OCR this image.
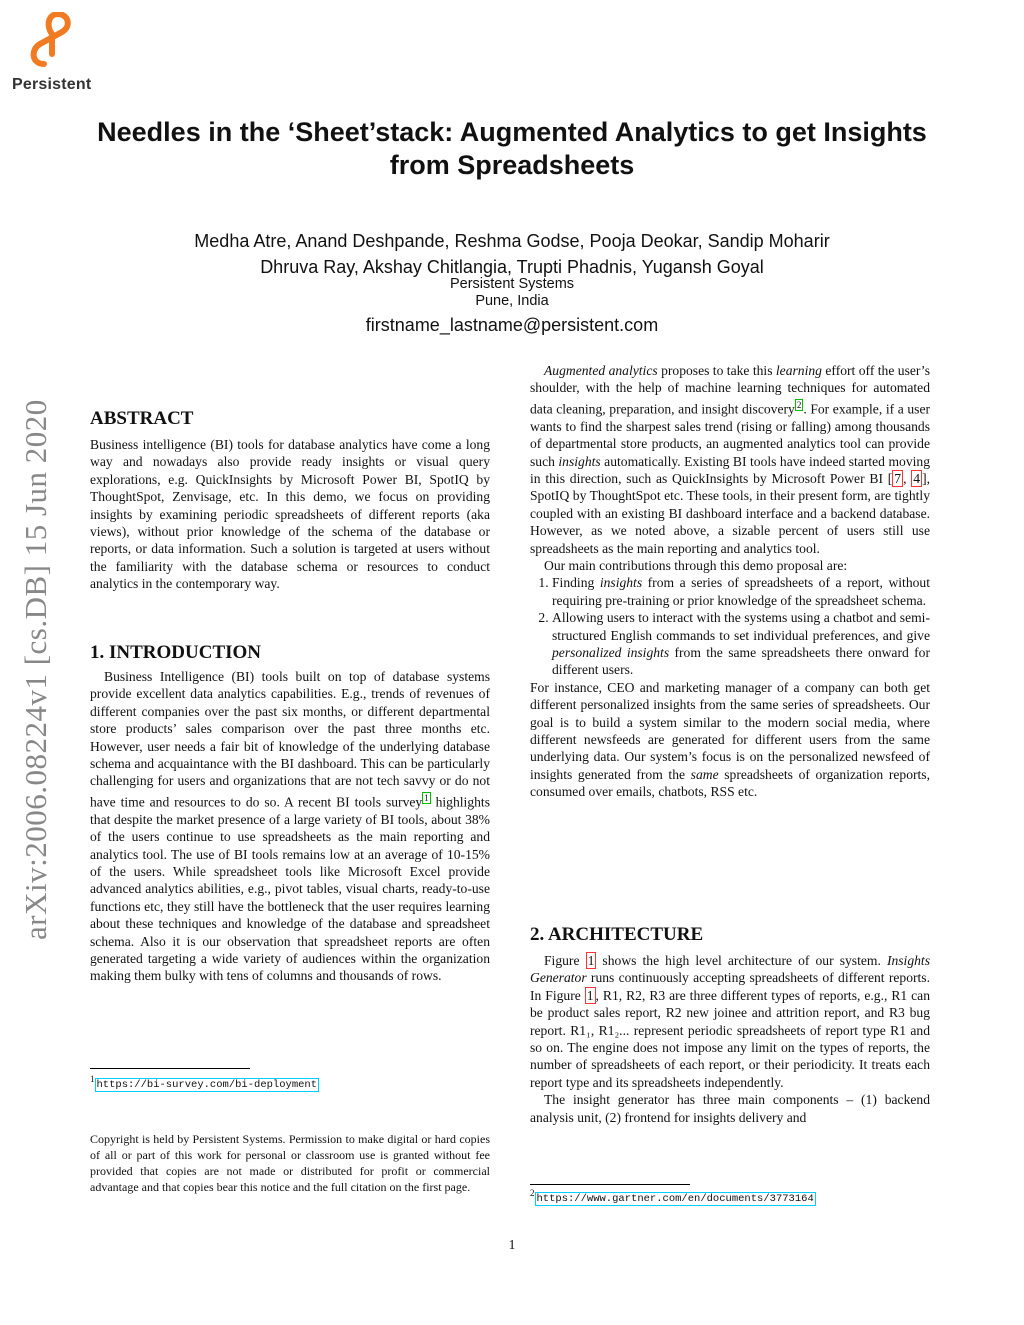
Persistent
Needles in the ‘Sheet’stack: Augmented Analytics to get Insights from Spreadsheets
Medha Atre, Anand Deshpande, Reshma Godse, Pooja Deokar, Sandip Moharir
Dhruva Ray, Akshay Chitlangia, Trupti Phadnis, Yugansh Goyal
Persistent Systems
Pune, India
firstname_lastname@persistent.com
arXiv:2006.08224v1 [cs.DB] 15 Jun 2020 ABSTRACT

Business intelligence (BI) tools for database analytics have come a long way and nowadays also provide ready insights or visual query explorations, e.g. QuickInsights by Microsoft Power BI, SpotIQ by ThoughtSpot, Zenvisage, etc. In this demo, we focus on providing insights by examining periodic spreadsheets of different reports (aka views), without prior knowledge of the schema of the database or reports, or data information. Such a solution is targeted at users without the familiarity with the database schema or resources to conduct analytics in the contemporary way.

1. INTRODUCTION

Business Intelligence (BI) tools built on top of database systems provide excellent data analytics capabilities. E.g., trends of revenues of different companies over the past six months, or different departmental store products’ sales comparison over the past three months etc. However, user needs a fair bit of knowledge of the underlying database schema and acquaintance with the BI dashboard. This can be particularly challenging for users and organizations that are not tech savvy or do not have time and resources to do so. A recent BI tools survey $^1$ highlights that despite the market presence of a large variety of BI tools, about 38% of the users continue to use spreadsheets as the main reporting and analytics tool. The use of BI tools remains low at an average of 10-15% of the users. While spreadsheet tools like Microsoft Excel provide advanced analytics abilities, e.g., pivot tables, visual charts, ready-to-use functions etc, they still have the bottleneck that the user requires learning about these techniques and knowledge of the database and spreadsheet schema. Also it is our observation that spreadsheet reports are often generated targeting a wide variety of audiences within the organization making them bulky with tens of columns and thousands of rows.

$^1$ https://bi-survey.com/bi-deployment
Copyright is held by Persistent Systems. Permission to make digital or hard copies of all or part of this work for personal or classroom use is granted without fee provided that copies are not made or distributed for profit or commercial advantage and that copies bear this notice and the full citation on the first page.

Augmented analytics proposes to take this learning effort off the user’s shoulder, with the help of machine learning techniques for automated data cleaning, preparation, and insight discovery $^2$ . For example, if a user wants to find the sharpest sales trend (rising or falling) among thousands of departmental store products, an augmented analytics tool can provide such insights automatically. Existing BI tools have indeed started moving in this direction, such as QuickInsights by Microsoft Power BI [ 7 , 4 ], SpotIQ by ThoughtSpot etc. These tools, in their present form, are tightly coupled with an existing BI dashboard interface and a backend database. However, as we noted above, a sizable percent of users still use spreadsheets as the main reporting and analytics tool.

Our main contributions through this demo proposal are:

1. Finding insights from a series of spreadsheets of a report, without requiring pre-training or prior knowledge of the spreadsheet schema.
2. Allowing users to interact with the systems using a chatbot and semi-structured English commands to set individual preferences, and give personalized insights from the same spreadsheets there onward for different users.

For instance, CEO and marketing manager of a company can both get different personalized insights from the same series of spreadsheets. Our goal is to build a system similar to the modern social media, where different newsfeeds are generated for different users from the same underlying data. Our system’s focus is on the personalized newsfeed of insights generated from the same spreadsheets of organization reports, consumed over emails, chatbots, RSS etc.

2. ARCHITECTURE

Figure 1 shows the high level architecture of our system. Insights Generator runs continuously accepting spreadsheets of different reports. In Figure 1 , R1, R2, R3 are three different types of reports, e.g., R1 can be product sales report, R2 new joinee and attrition report, and R3 bug report. R1₁, R1₂... represent periodic spreadsheets of report type R1 and so on. The engine does not impose any limit on the types of reports, the number of spreadsheets of each report, or their periodicity. It treats each report type and its spreadsheets independently.

The insight generator has three main components – (1) backend analysis unit, (2) frontend for insights delivery and

$^2$ https://www.gartner.com/en/documents/3773164
1
